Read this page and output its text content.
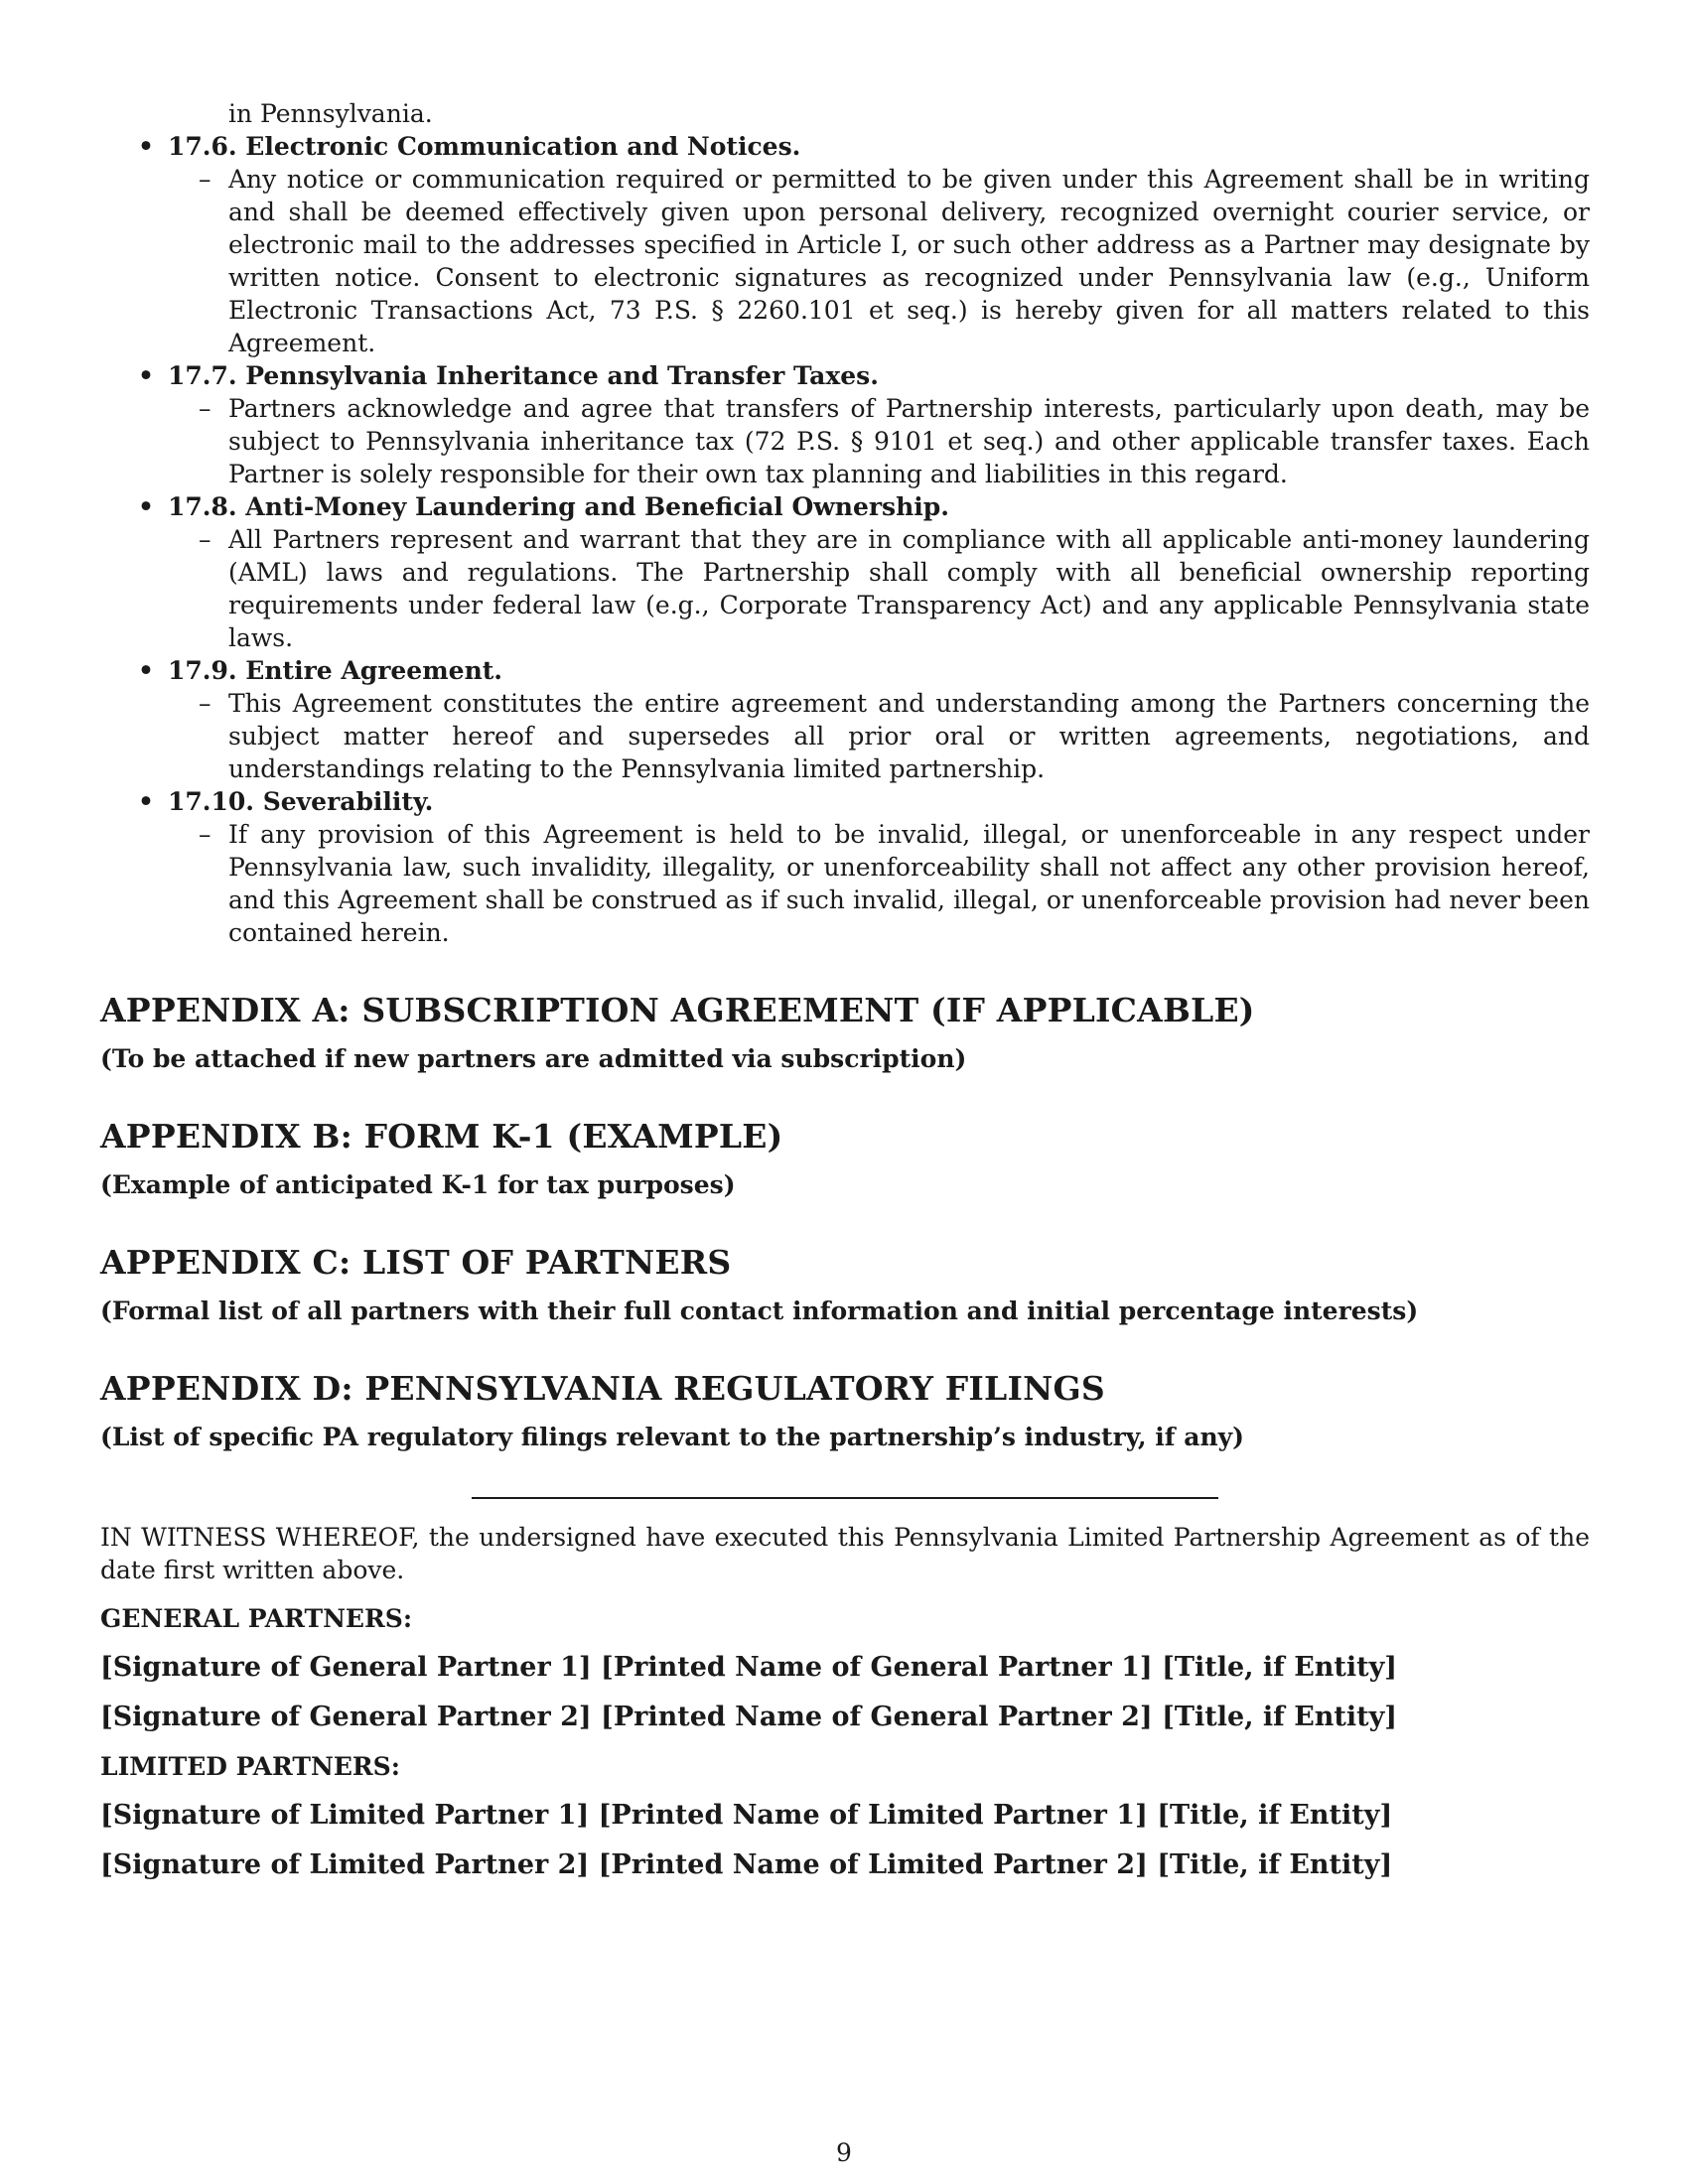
in Pennsylvania.
• 17.6. Electronic Communication and Notices.
– Any notice or communication required or permitted to be given under this Agreement shall be in writing and shall be deemed effectively given upon personal delivery, recognized overnight courier service, or electronic mail to the addresses specified in Article I, or such other address as a Partner may designate by written notice. Consent to electronic signatures as recognized under Pennsylvania law (e.g., Uniform Electronic Transactions Act, 73 P.S. § 2260.101 et seq.) is hereby given for all matters related to this Agreement.
• 17.7. Pennsylvania Inheritance and Transfer Taxes.
– Partners acknowledge and agree that transfers of Partnership interests, particularly upon death, may be subject to Pennsylvania inheritance tax (72 P.S. § 9101 et seq.) and other applicable transfer taxes. Each Partner is solely responsible for their own tax planning and liabilities in this regard.
• 17.8. Anti-Money Laundering and Beneficial Ownership.
– All Partners represent and warrant that they are in compliance with all applicable anti-money laundering (AML) laws and regulations. The Partnership shall comply with all beneficial ownership reporting requirements under federal law (e.g., Corporate Transparency Act) and any applicable Pennsylvania state laws.
• 17.9. Entire Agreement.
– This Agreement constitutes the entire agreement and understanding among the Partners concerning the subject matter hereof and supersedes all prior oral or written agreements, negotiations, and understandings relating to the Pennsylvania limited partnership.
• 17.10. Severability.
– If any provision of this Agreement is held to be invalid, illegal, or unenforceable in any respect under Pennsylvania law, such invalidity, illegality, or unenforceability shall not affect any other provision hereof, and this Agreement shall be construed as if such invalid, illegal, or unenforceable provision had never been contained herein.
APPENDIX A: SUBSCRIPTION AGREEMENT (IF APPLICABLE)
(To be attached if new partners are admitted via subscription)
APPENDIX B: FORM K-1 (EXAMPLE)
(Example of anticipated K-1 for tax purposes)
APPENDIX C: LIST OF PARTNERS
(Formal list of all partners with their full contact information and initial percentage interests)
APPENDIX D: PENNSYLVANIA REGULATORY FILINGS
(List of specific PA regulatory filings relevant to the partnership’s industry, if any)
IN WITNESS WHEREOF, the undersigned have executed this Pennsylvania Limited Partnership Agreement as of the date first written above.
GENERAL PARTNERS:
[Signature of General Partner 1] [Printed Name of General Partner 1] [Title, if Entity]
[Signature of General Partner 2] [Printed Name of General Partner 2] [Title, if Entity]
LIMITED PARTNERS:
[Signature of Limited Partner 1] [Printed Name of Limited Partner 1] [Title, if Entity]
[Signature of Limited Partner 2] [Printed Name of Limited Partner 2] [Title, if Entity]
9
